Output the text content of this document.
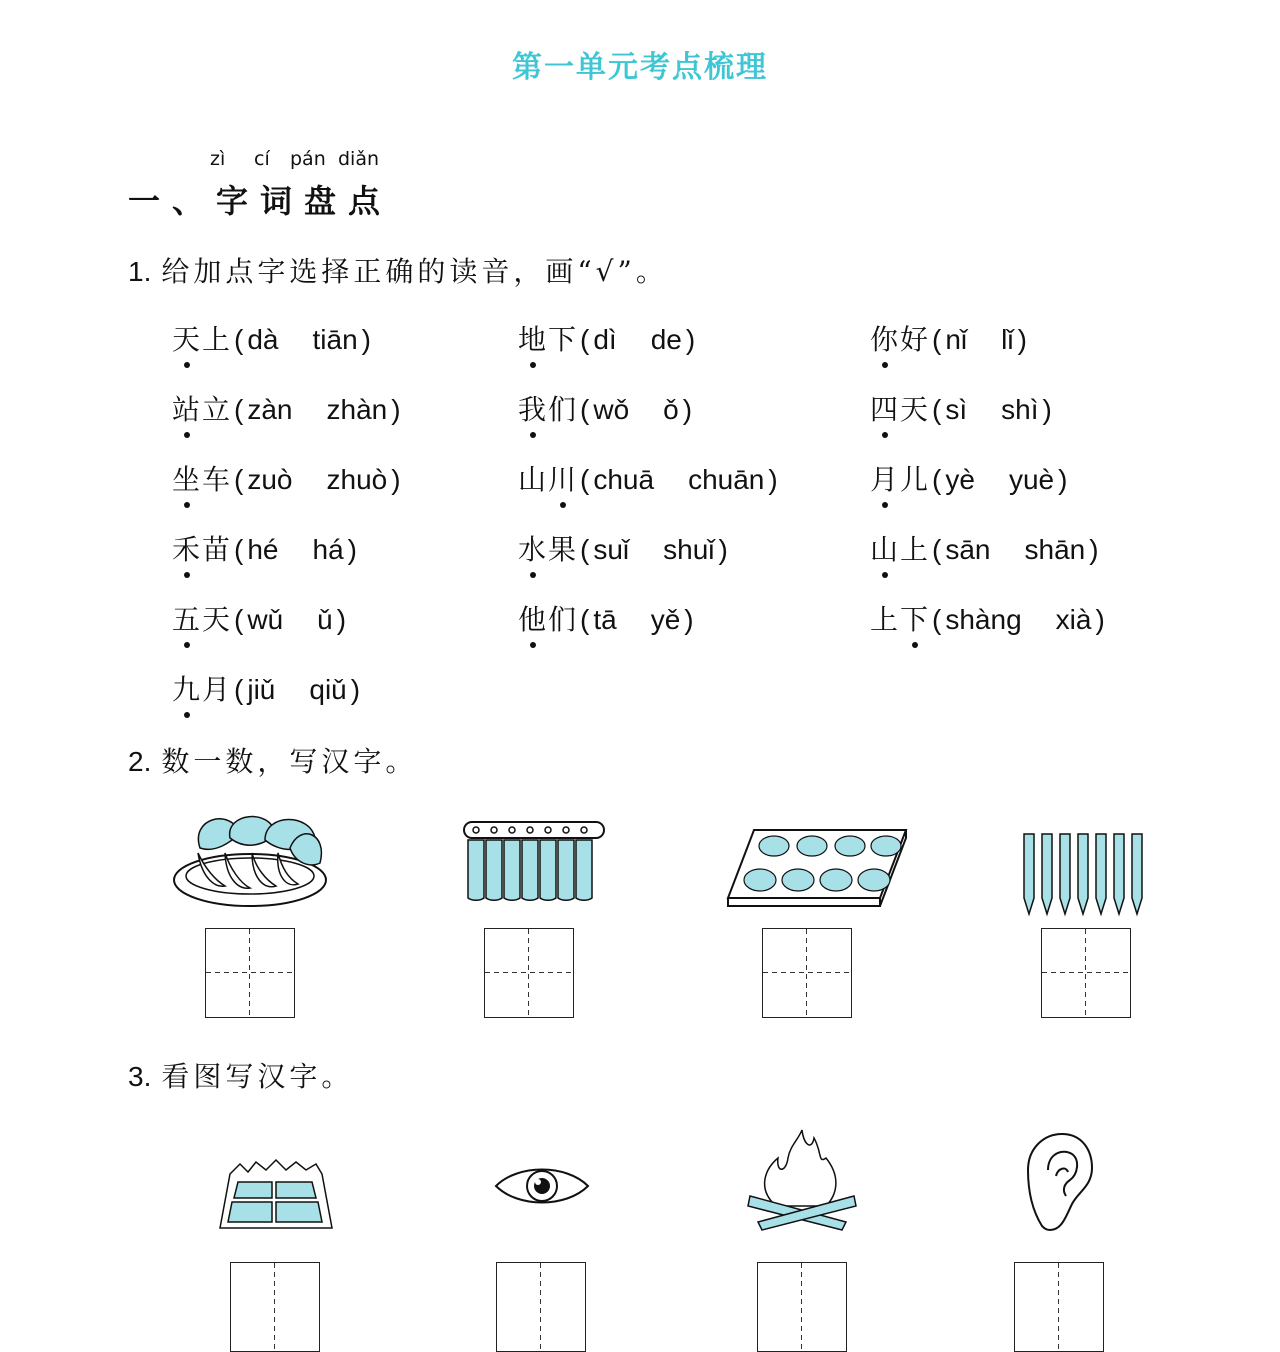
第一单元考点梳理
zì cí pán diǎn
一、字词盘点
1. 给加点字选择正确的读音，画“√”。
天上 ( dà tiān )	地下 ( dì de )	你好 ( nǐ lǐ )
站立 ( zàn zhàn )	我们 ( wǒ ǒ )	四天 ( sì shì )
坐车 ( zuò zhuò )	山川 ( chuā chuān )	月儿 ( yè yuè )
禾苗 ( hé há )	水果 ( suǐ shuǐ )	山上 ( sān shān )
五天 ( wǔ ǔ )	他们 ( tā yě )	上下 ( shàng xià )
九月 ( jiǔ qiǔ )
2. 数一数，写汉字。
3. 看图写汉字。
